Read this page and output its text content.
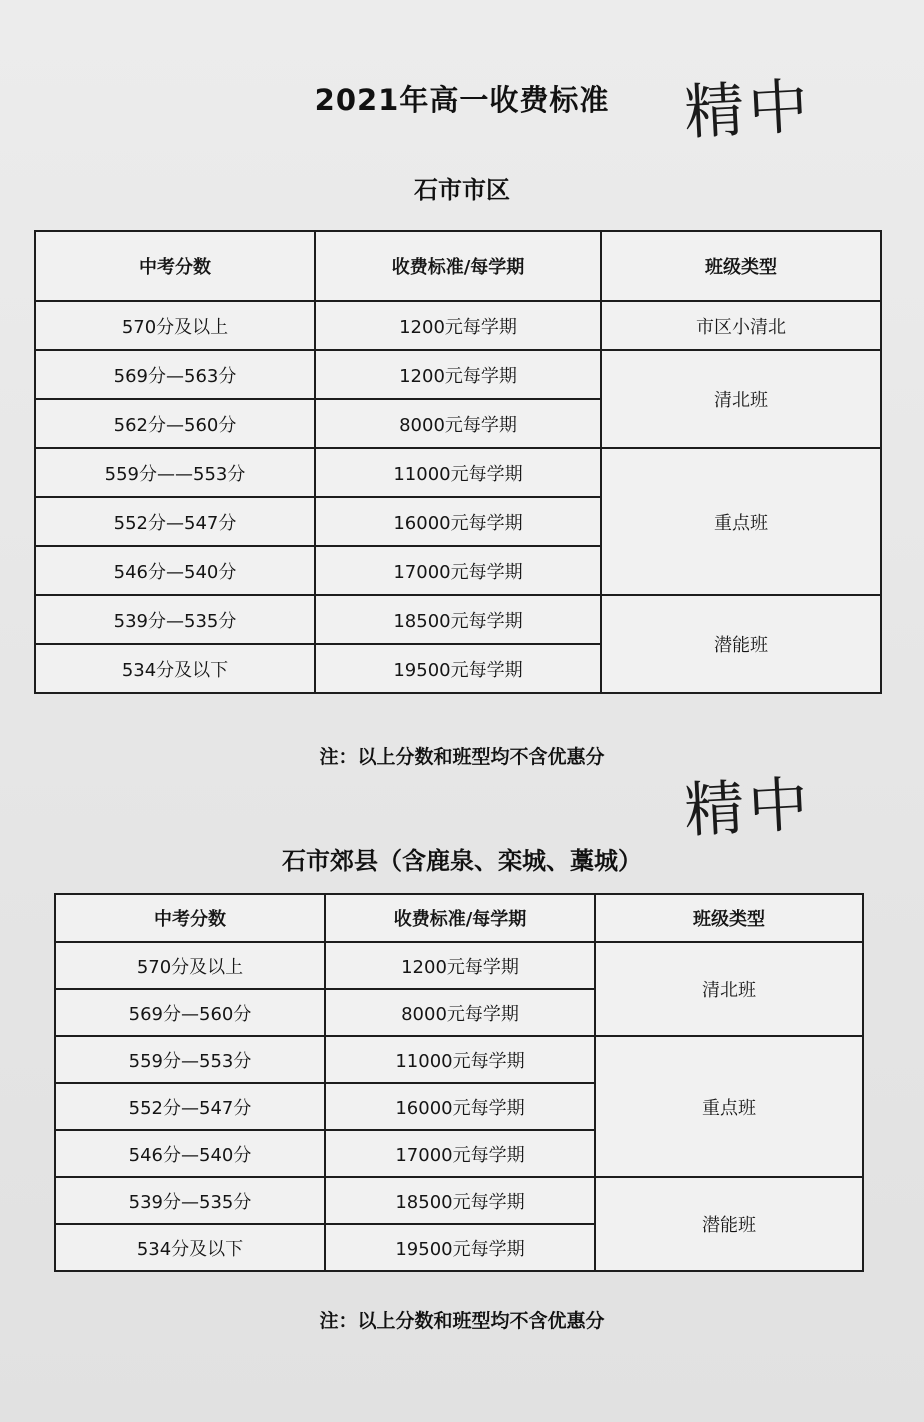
2021年高一收费标准	精中
石市市区
中考分数	收费标准/每学期	班级类型
570分及以上	1200元每学期	市区小清北
569分—563分	1200元每学期	清北班
562分—560分	8000元每学期	
559分——553分	11000元每学期	重点班
552分—547分	16000元每学期	
546分—540分	17000元每学期	
539分—535分	18500元每学期	潜能班
534分及以下	19500元每学期	
注：以上分数和班型均不含优惠分
精中
石市郊县（含鹿泉、栾城、藁城）
中考分数	收费标准/每学期	班级类型
570分及以上	1200元每学期	清北班
569分—560分	8000元每学期	
559分—553分	11000元每学期	重点班
552分—547分	16000元每学期	
546分—540分	17000元每学期	
539分—535分	18500元每学期	潜能班
534分及以下	19500元每学期	
注：以上分数和班型均不含优惠分
